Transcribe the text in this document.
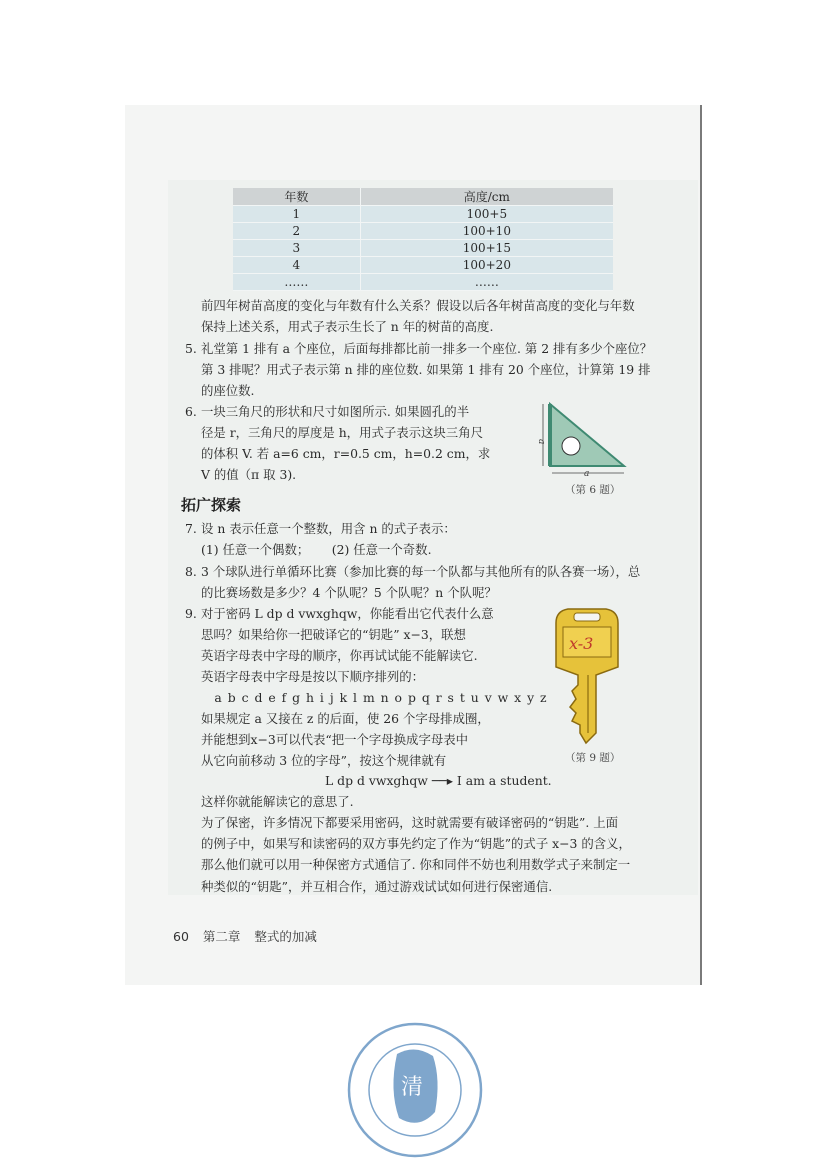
年数	高度/cm
1	100+5
2	100+10
3	100+15
4	100+20
……	……
前四年树苗高度的变化与年数有什么关系？假设以后各年树苗高度的变化与年数
保持上述关系，用式子表示生长了 n 年的树苗的高度.
5. 礼堂第 1 排有 a 个座位，后面每排都比前一排多一个座位. 第 2 排有多少个座位？
第 3 排呢？用式子表示第 n 排的座位数. 如果第 1 排有 20 个座位，计算第 19 排
的座位数.
6. 一块三角尺的形状和尺寸如图所示. 如果圆孔的半
径是 r，三角尺的厚度是 h，用式子表示这块三角尺
的体积 V. 若 a=6 cm，r=0.5 cm，h=0.2 cm，求
V 的值（π 取 3).
a
a
（第 6 题）
拓广探索
7. 设 n 表示任意一个整数，用含 n 的式子表示：
(1) 任意一个偶数；　　 (2) 任意一个奇数.
8. 3 个球队进行单循环比赛（参加比赛的每一个队都与其他所有的队各赛一场），总
的比赛场数是多少？4 个队呢？5 个队呢？n 个队呢？
9. 对于密码 L dp d vwxghqw，你能看出它代表什么意
思吗？如果给你一把破译它的“钥匙” x−3，联想
英语字母表中字母的顺序，你再试试能不能解读它.
英语字母表中字母是按以下顺序排列的：
　a b c d e f g h i j k l m n o p q r s t u v w x y z
如果规定 a 又接在 z 的后面，使 26 个字母排成圈，
并能想到x−3可以代表“把一个字母换成字母表中
从它向前移动 3 位的字母”，按这个规律就有
L dp d vwxghqw ──▸ I am a student.
x-3
（第 9 题）
这样你就能解读它的意思了.
为了保密，许多情况下都要采用密码，这时就需要有破译密码的“钥匙”. 上面
的例子中，如果写和读密码的双方事先约定了作为“钥匙”的式子 x−3 的含义，
那么他们就可以用一种保密方式通信了. 你和同伴不妨也利用数学式子来制定一
种类似的“钥匙”，并互相合作，通过游戏试试如何进行保密通信.
60 第二章 整式的加减
清
